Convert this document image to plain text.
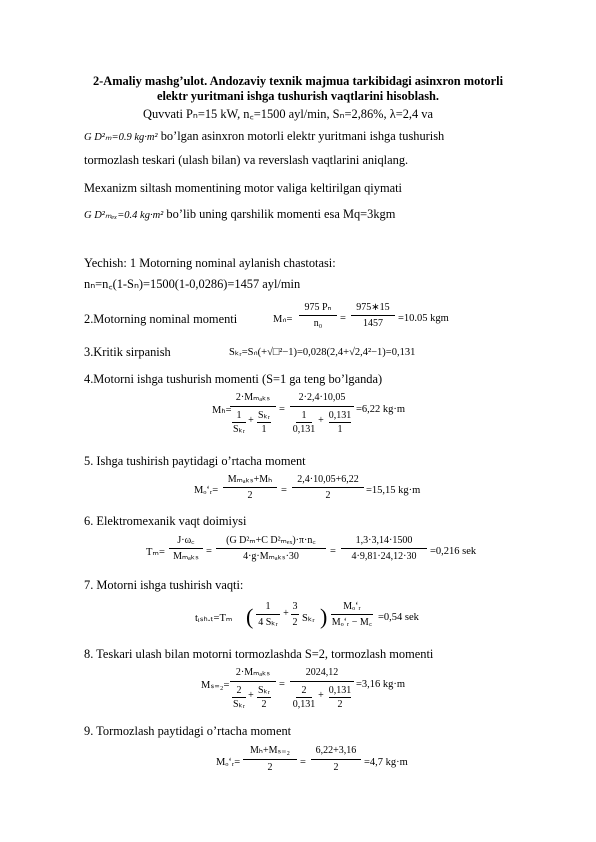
2-Amaliy mashg’ulot. Andozaviy texnik majmua tarkibidagi asinxron motorli
elektr yuritmani ishga tushurish vaqtlarini hisoblash.
Quvvati Pₙ=15 kW, n꜀=1500 ayl/min, Sₙ=2,86%, λ=2,4 va
G D²ₘ=0.9 kg·m² bo’lgan asinxron motorli elektr yuritmani ishga tushurish
tormozlash teskari (ulash bilan) va reverslash vaqtlarini aniqlang.
Mexanizm siltash momentining motor valiga keltirilgan qiymati
G D²ₘₑₓ=0.4 kg·m² bo’lib uning qarshilik momenti esa Mq=3kgm
Yechish: 1 Motorning nominal aylanish chastotasi:
nₙ=n꜀(1-Sₙ)=1500(1-0,0286)=1457 ayl/min
2.Motorning nominal momenti	Mₙ=
975 Pₙ
n₀	=
975∗15
1457	=10.05 kgm
3.Kritik sirpanish	Sₖᵣ=Sₙ(+√□²−1)=0,028(2,4+√2,4²−1)=0,131
4.Motorni ishga tushurish momenti (S=1 ga teng bo’lganda)
Mₕ=
2·Mₘₐₖₛ
1
Sₖᵣ
+ Sₖᵣ
1
=
2·2,4·10,05
1
0,131
+ 0,131
1
=6,22 kg·m
5. Ishga tushirish paytidagi o’rtacha moment
Mₒ‘ᵣ=
Mₘₐₖₛ+Mₕ
2	=
2,4·10,05+6,22
2	=15,15 kg·m
6. Elektromexanik vaqt doimiysi
Tₘ=
J·ω꜀
Mₘₐₖₛ =
(G D²ₘ+C D²ₘₑₓ)·π·n꜀
4·g·Mₘₐₖₛ·30	=
1,3·3,14·1500
4·9,81·24,12·30	=0,216 sek
7. Motorni ishga tushirish vaqti:
tᵢₛₕ.ₜ=Tₘ (	1
4 Sₖᵣ
+
3
2 Sₖᵣ )	Mₒ‘ᵣ
Mₒ‘ᵣ − M꜀ =0,54 sek
8. Teskari ulash bilan motorni tormozlashda S=2, tormozlash momenti
Mₛ₌₂=
2·Mₘₐₖₛ
2
Sₖᵣ
+ Sₖᵣ
2
=
2024,12
2
0,131
+ 0,131
2
=3,16 kg·m
9. Tormozlash paytidagi o’rtacha moment
Mₒ‘ᵣ=
Mₕ+Mₛ₌₂
2	=
6,22+3,16
2	=4,7 kg·m
